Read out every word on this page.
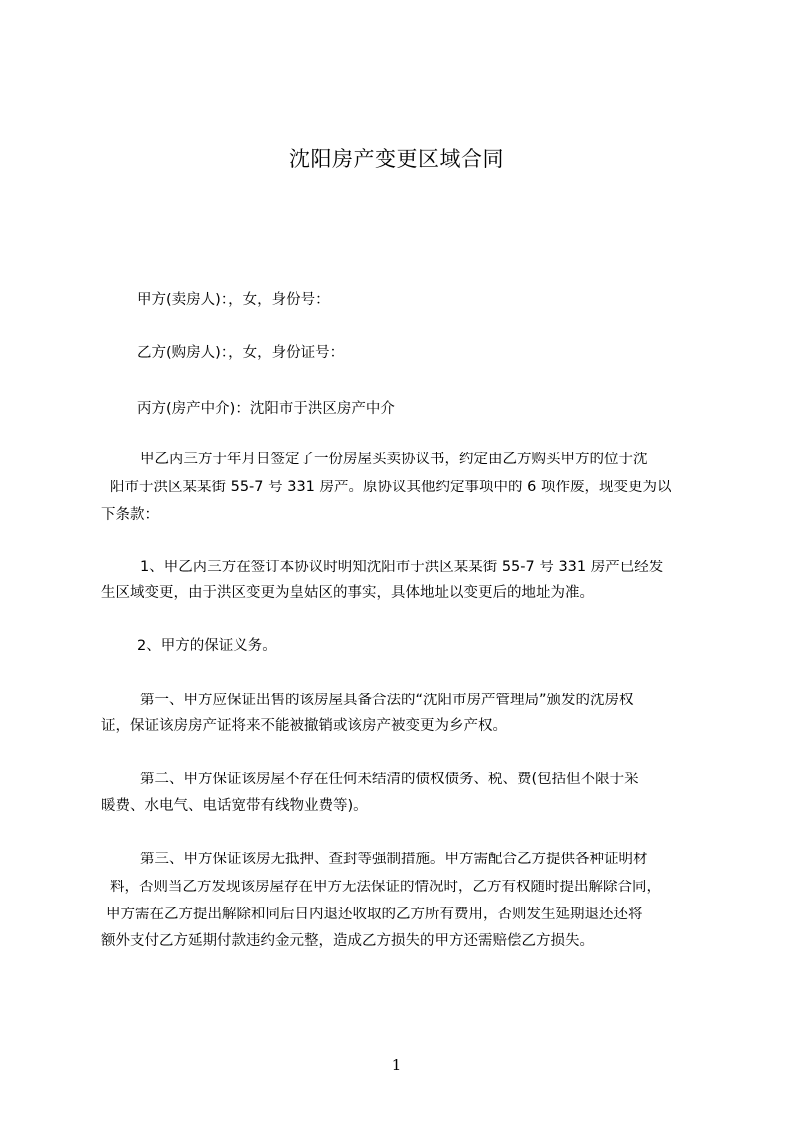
沈阳房产变更区域合同
甲方(卖房人)：，女，身份号：
乙方(购房人)：，女，身份证号：
丙方(房产中介)：沈阳市于洪区房产中介
甲乙丙三方于年月日签定了一份房屋买卖协议书，约定由乙方购买甲方的位于沈
阳市于洪区某某街 55-7 号 331 房产。原协议其他约定事项中的 6 项作废，现变更为以
下条款：
1、甲乙丙三方在签订本协议时明知沈阳市于洪区某某街 55-7 号 331 房产已经发
生区域变更，由于洪区变更为皇姑区的事实，具体地址以变更后的地址为准。
2、甲方的保证义务。
第一、甲方应保证出售的该房屋具备合法的“沈阳市房产管理局”颁发的沈房权
证，保证该房房产证将来不能被撤销或该房产被变更为乡产权。
第二、甲方保证该房屋不存在任何未结清的债权债务、税、费(包括但不限于采
暖费、水电气、电话宽带有线物业费等)。
第三、甲方保证该房无抵押、查封等强制措施。甲方需配合乙方提供各种证明材
料，否则当乙方发现该房屋存在甲方无法保证的情况时，乙方有权随时提出解除合同，
甲方需在乙方提出解除和同后日内退还收取的乙方所有费用，否则发生延期退还还将
额外支付乙方延期付款违约金元整，造成乙方损失的甲方还需赔偿乙方损失。
1
